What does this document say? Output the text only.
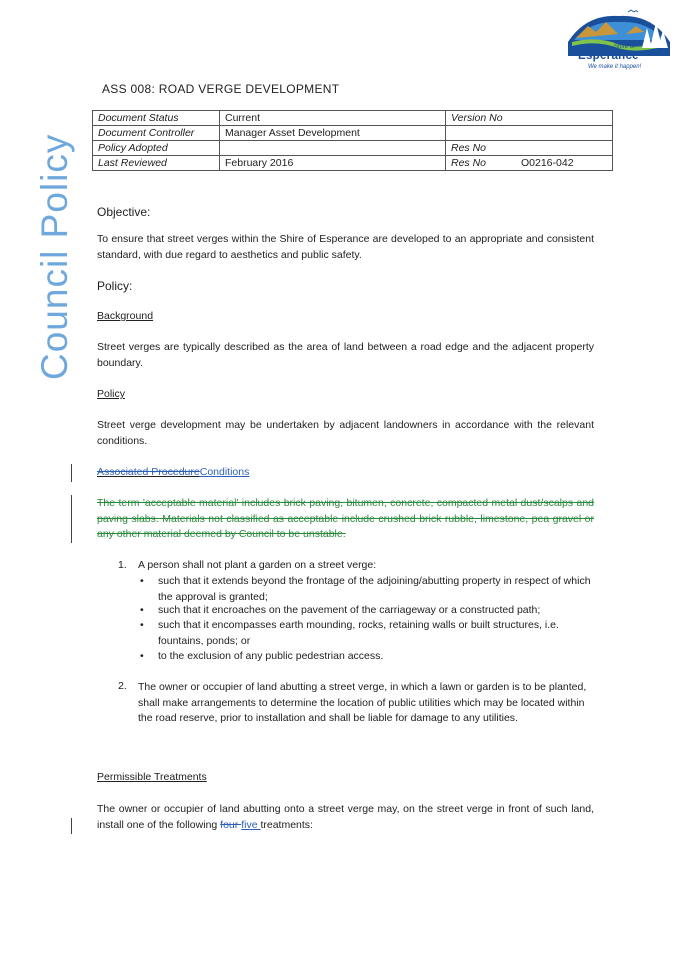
Council Policy
Shire of
Esperance
We make it happen!
ASS 008: ROAD VERGE DEVELOPMENT
Document Status	Current	Version No	
Document Controller	Manager Asset Development		
Policy Adopted		Res No	
Last Reviewed	February 2016	Res No	O0216-042
Objective:
To ensure that street verges within the Shire of Esperance are developed to an appropriate and consistent standard, with due regard to aesthetics and public safety.
Policy:
Background
Street verges are typically described as the area of land between a road edge and the adjacent property boundary.
Policy
Street verge development may be undertaken by adjacent landowners in accordance with the relevant conditions.
Associated ProcedureConditions
The term 'acceptable material' includes brick paving, bitumen, concrete, compacted metal dust/scalps and paving slabs. Materials not classified as acceptable include crushed brick rubble, limestone, pea gravel or any other material deemed by Council to be unstable.
1. A person shall not plant a garden on a street verge:
• such that it extends beyond the frontage of the adjoining/abutting property in respect of which the approval is granted;
• such that it encroaches on the pavement of the carriageway or a constructed path;
• such that it encompasses earth mounding, rocks, retaining walls or built structures, i.e. fountains, ponds; or
• to the exclusion of any public pedestrian access.
2. The owner or occupier of land abutting a street verge, in which a lawn or garden is to be planted, shall make arrangements to determine the location of public utilities which may be located within the road reserve, prior to installation and shall be liable for damage to any utilities.
Permissible Treatments
The owner or occupier of land abutting onto a street verge may, on the street verge in front of such land, install one of the following four five treatments:
